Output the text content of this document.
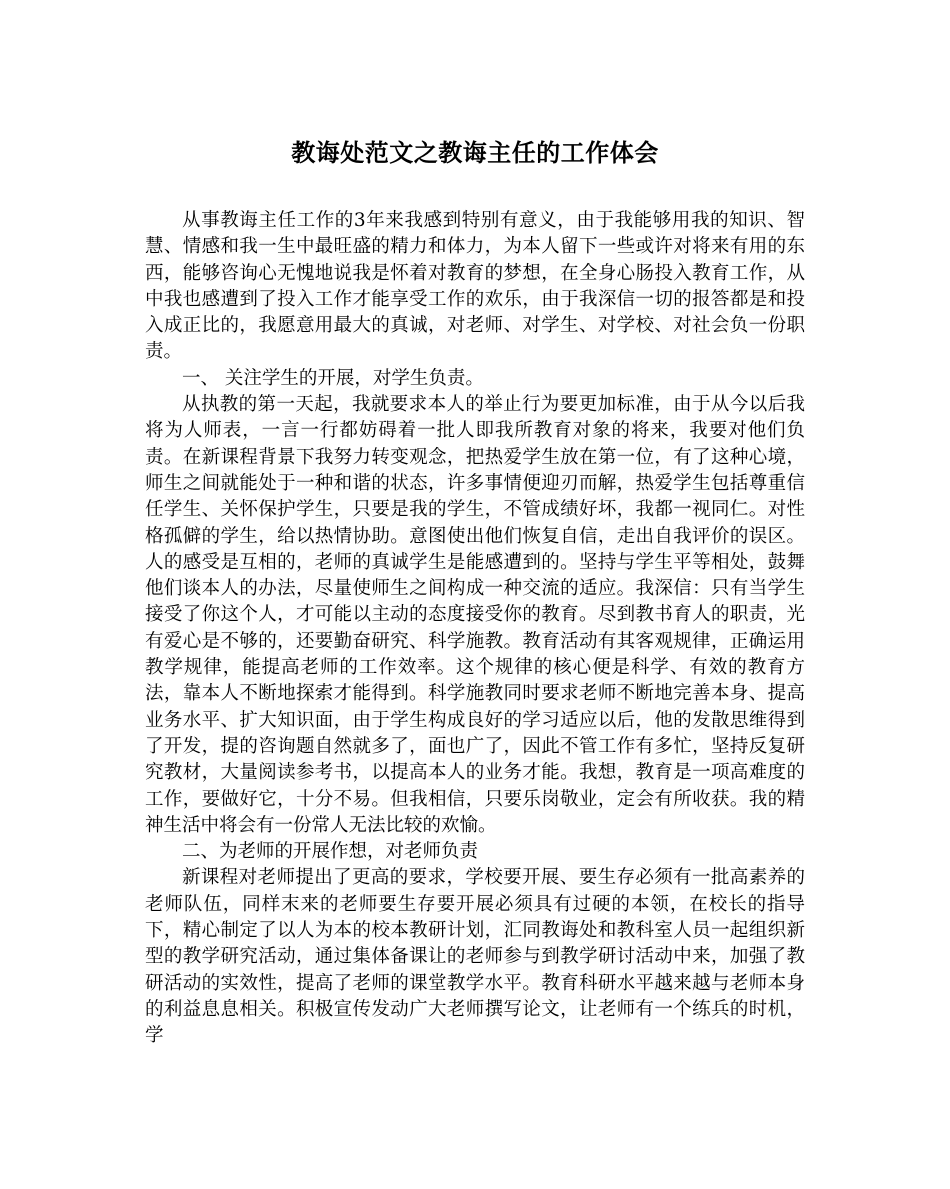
教诲处范文之教诲主任的工作体会

从事教诲主任工作的3年来我感到特别有意义，由于我能够用我的知识、智慧、情感和我一生中最旺盛的精力和体力，为本人留下一些或许对将来有用的东西，能够咨询心无愧地说我是怀着对教育的梦想，在全身心肠投入教育工作，从中我也感遭到了投入工作才能享受工作的欢乐，由于我深信一切的报答都是和投入成正比的，我愿意用最大的真诚，对老师、对学生、对学校、对社会负一份职责。

一、 关注学生的开展，对学生负责。

从执教的第一天起，我就要求本人的举止行为要更加标准，由于从今以后我将为人师表，一言一行都妨碍着一批人即我所教育对象的将来，我要对他们负责。在新课程背景下我努力转变观念，把热爱学生放在第一位，有了这种心境，师生之间就能处于一种和谐的状态，许多事情便迎刃而解，热爱学生包括尊重信任学生、关怀保护学生，只要是我的学生，不管成绩好坏，我都一视同仁。对性格孤僻的学生，给以热情协助。意图使出他们恢复自信，走出自我评价的误区。人的感受是互相的，老师的真诚学生是能感遭到的。坚持与学生平等相处，鼓舞他们谈本人的办法，尽量使师生之间构成一种交流的适应。我深信：只有当学生接受了你这个人，才可能以主动的态度接受你的教育。尽到教书育人的职责，光有爱心是不够的，还要勤奋研究、科学施教。教育活动有其客观规律，正确运用教学规律，能提高老师的工作效率。这个规律的核心便是科学、有效的教育方法，靠本人不断地探索才能得到。科学施教同时要求老师不断地完善本身、提高业务水平、扩大知识面，由于学生构成良好的学习适应以后，他的发散思维得到了开发，提的咨询题自然就多了，面也广了，因此不管工作有多忙，坚持反复研究教材，大量阅读参考书，以提高本人的业务才能。我想，教育是一项高难度的工作，要做好它，十分不易。但我相信，只要乐岗敬业，定会有所收获。我的精神生活中将会有一份常人无法比较的欢愉。

二、为老师的开展作想，对老师负责

新课程对老师提出了更高的要求，学校要开展、要生存必须有一批高素养的老师队伍，同样末来的老师要生存要开展必须具有过硬的本领，在校长的指导下，精心制定了以人为本的校本教研计划，汇同教诲处和教科室人员一起组织新型的教学研究活动，通过集体备课让的老师参与到教学研讨活动中来，加强了教研活动的实效性，提高了老师的课堂教学水平。教育科研水平越来越与老师本身的利益息息相关。积极宣传发动广大老师撰写论文，让老师有一个练兵的时机，学
